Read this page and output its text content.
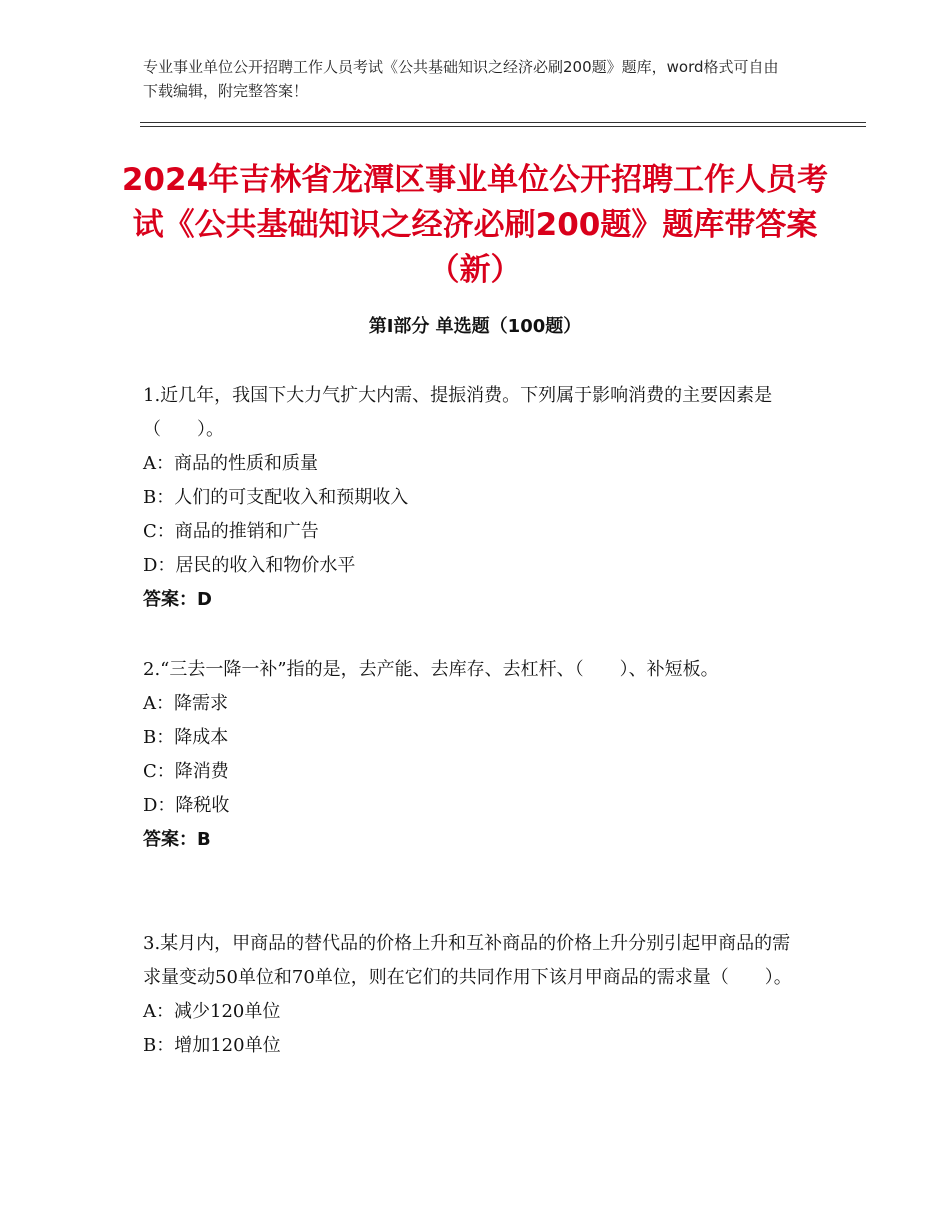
专业事业单位公开招聘工作人员考试《公共基础知识之经济必刷200题》题库，word格式可自由下载编辑，附完整答案！
2024年吉林省龙潭区事业单位公开招聘工作人员考试《公共基础知识之经济必刷200题》题库带答案（新）
第Ⅰ部分 单选题（100题）

1.近几年，我国下大力气扩大内需、提振消费。下列属于影响消费的主要因素是（　　）。

A：商品的性质和质量

B：人们的可支配收入和预期收入

C：商品的推销和广告

D：居民的收入和物价水平

答案：D

2.“三去一降一补”指的是，去产能、去库存、去杠杆、（　　）、补短板。

A：降需求

B：降成本

C：降消费

D：降税收

答案：B

3.某月内，甲商品的替代品的价格上升和互补商品的价格上升分别引起甲商品的需求量变动50单位和70单位，则在它们的共同作用下该月甲商品的需求量（　　）。

A：减少120单位

B：增加120单位
